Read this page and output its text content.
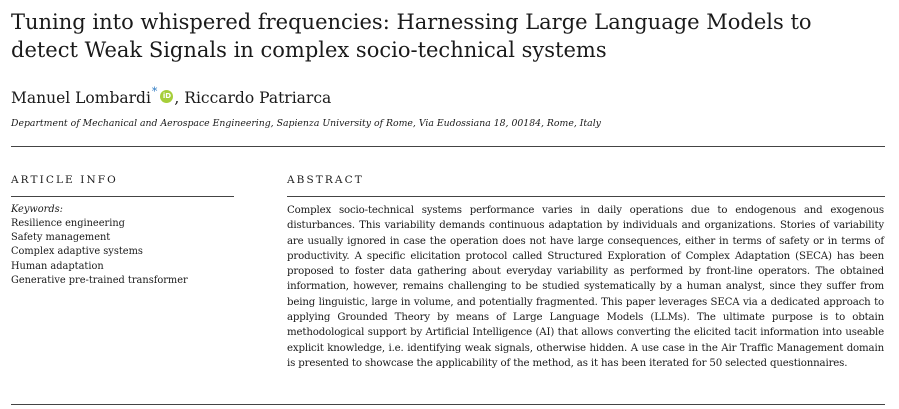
Tuning into whispered frequencies: Harnessing Large Language Models to detect Weak Signals in complex socio-technical systems
Manuel Lombardi* iD , Riccardo Patriarca
Department of Mechanical and Aerospace Engineering, Sapienza University of Rome, Via Eudossiana 18, 00184, Rome, Italy
ARTICLE INFO	ABSTRACT
Keywords:
Resilience engineering
Safety management
Complex adaptive systems
Human adaptation
Generative pre-trained transformer

Complex socio-technical systems performance varies in daily operations due to endogenous and exogenous disturbances. This variability demands continuous adaptation by individuals and organizations. Stories of variability are usually ignored in case the operation does not have large consequences, either in terms of safety or in terms of productivity. A specific elicitation protocol called Structured Exploration of Complex Adaptation (SECA) has been proposed to foster data gathering about everyday variability as performed by front-line operators. The obtained information, however, remains challenging to be studied systematically by a human analyst, since they suffer from being linguistic, large in volume, and potentially fragmented. This paper leverages SECA via a dedicated approach to applying Grounded Theory by means of Large Language Models (LLMs). The ultimate purpose is to obtain methodological support by Artificial Intelligence (AI) that allows converting the elicited tacit information into useable explicit knowledge, i.e. identifying weak signals, otherwise hidden. A use case in the Air Traffic Management domain is presented to showcase the applicability of the method, as it has been iterated for 50 selected questionnaires.
